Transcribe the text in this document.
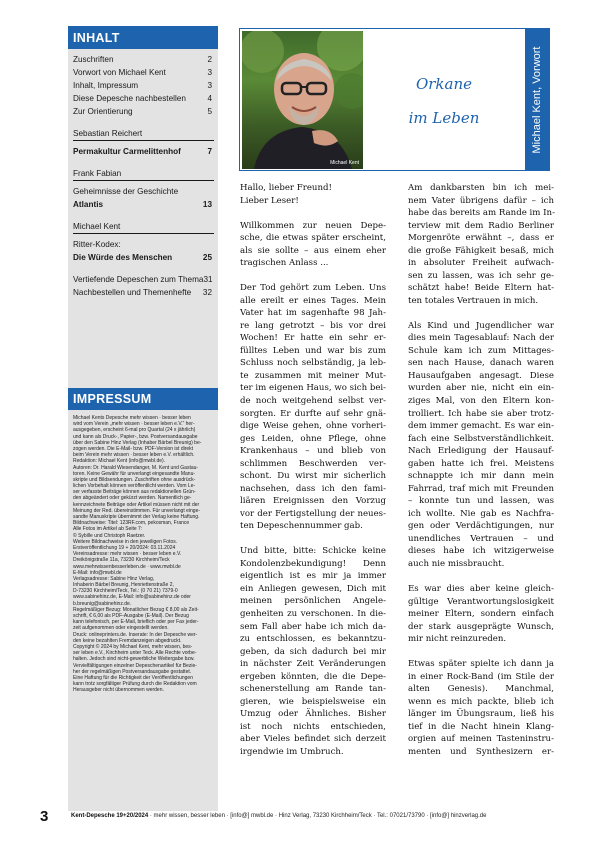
INHALT
Zuschriften	2
Vorwort von Michael Kent	3
Inhalt, Impressum	3
Diese Depesche nachbestellen	4
Zur Orientierung	5
Sebastian Reichert
Permakultur Carmelittenhof	7
Frank Fabian
Geheimnisse der Geschichte
Atlantis	13
Michael Kent
Ritter-Kodex:
Die Würde des Menschen	25
Vertiefende Depeschen zum Thema 31
Nachbestellen und Themenhefte 32
IMPRESSUM
Michael Kents Depesche mehr wissen · besser leben
wird vom Verein „mehr wissen · besser leben e.V.“ her-
ausgegeben, erscheint 6-mal pro Quartal (24 x jährlich)
und kann als Druck-, Papier-, bzw. Postversandausgabe
über den Sabine Hinz Verlag (Inhaber Bärbel Breunig) be-
zogen werden. Die E-Mail- bzw. PDF-Version ist direkt
beim Verein mehr wissen · besser leben e.V. erhältlich.
Redaktion: Michael Kent (info@mwbl.de).
Autoren: Dr. Harald Wiesendanger, M. Kent und Gastau-
toren. Keine Gewähr für unverlangt eingesandte Manu-
skripte und Bildsendungen. Zuschriften ohne ausdrück-
lichen Vorbehalt können veröffentlicht werden. Vom Le-
ser verfasste Beiträge können aus redaktionellen Grün-
den abgeändert oder gekürzt werden. Namentlich ge-
kennzeichnete Beiträge oder Artikel müssen nicht mit der
Meinung der Red. übereinstimmen. Für unverlangt einge-
sandte Manuskripte übernimmt der Verlag keine Haftung.
Bildnachweise: Titel: 123RF.com, pekosman, France
Alle Fotos im Artikel ab Seite 7:
© Sybille und Christoph Raetzer.
Weitere Bildnachweise in den jeweiligen Fotos.
Erstveröffentlichung 19 + 20/2024: 03.11.2024
Vereinsadresse: mehr wissen · besser leben e.V.
Dreikönigstraße 11a, 73230 Kirchheim/Teck
www.mehrwissenbesserleben.de · www.mwbl.de
E-Mail: info@mwbl.de
Verlagsadresse: Sabine Hinz Verlag,
Inhaberin Bärbel Breunig, Henriettenstraße 2,
D-73230 Kirchheim/Teck, Tel.: (0 70 21) 7379-0
www.sabinehinz.de, E-Mail: info@sabinehinz.de oder
b.breunig@sabinehinz.de.
Regelmäßiger Bezug: Monatlicher Bezug € 8,00 als Zeit-
schrift, € 6,00 als PDF-Ausgabe (E-Mail). Der Bezug
kann telefonisch, per E-Mail, brieflich oder per Fax jeder-
zeit aufgenommen oder eingestellt werden.
Druck: onlineprinters.de. Inserate: In der Depesche wer-
den keine bezahlten Fremdanzeigen abgedruckt.
Copyright © 2024 by Michael Kent, mehr wissen, bes-
ser leben e.V., Kirchheim unter Teck. Alle Rechte vorbe-
halten. Jedoch sind nicht-gewerbliche Weitergabe bzw.
Vervielfältigungen einzelner Depeschenartikel für Bezie-
her der regelmäßigen Postversandausgabe gestattet.
Eine Haftung für die Richtigkeit der Veröffentlichungen
kann trotz sorgfältiger Prüfung durch die Redaktion vom
Herausgeber nicht übernommen werden.
Michael Kent
Orkane
im Leben	Michael Kent, Vorwort
Hallo, lieber Freund!
Lieber Leser!
Willkommen zur neuen Depe-
sche, die etwas später erscheint,
als sie sollte – aus einem eher
tragischen Anlass ...
Der Tod gehört zum Leben. Uns
alle ereilt er eines Tages. Mein
Vater hat im sagenhafte 98 Jah-
re lang getrotzt – bis vor drei
Wochen! Er hatte ein sehr er-
fülltes Leben und war bis zum
Schluss noch selbständig, ja leb-
te zusammen mit meiner Mut-
ter im eigenen Haus, wo sich bei-
de noch weitgehend selbst ver-
sorgten. Er durfte auf sehr gnä-
dige Weise gehen, ohne vorheri-
ges Leiden, ohne Pflege, ohne
Krankenhaus – und blieb von
schlimmen Beschwerden ver-
schont. Du wirst mir sicherlich
nachsehen, dass ich den fami-
liären Ereignissen den Vorzug
vor der Fertigstellung der neues-
ten Depeschennummer gab.
Und bitte, bitte: Schicke keine
Kondolenzbekundigung! Denn
eigentlich ist es mir ja immer
ein Anliegen gewesen, Dich mit
meinen persönlichen Angele-
genheiten zu verschonen. In die-
sem Fall aber habe ich mich da-
zu entschlossen, es bekanntzu-
geben, da sich dadurch bei mir
in nächster Zeit Veränderungen
ergeben könnten, die die Depe-
schenerstellung am Rande tan-
gieren, wie beispielsweise ein
Umzug oder Ähnliches. Bisher
ist noch nichts entschieden,
aber Vieles befindet sich derzeit
irgendwie im Umbruch.
Am dankbarsten bin ich mei-
nem Vater übrigens dafür – ich
habe das bereits am Rande im In-
terview mit dem Radio Berliner
Morgenröte erwähnt –, dass er
die große Fähigkeit besaß, mich
in absoluter Freiheit aufwach-
sen zu lassen, was ich sehr ge-
schätzt habe! Beide Eltern hat-
ten totales Vertrauen in mich.
Als Kind und Jugendlicher war
dies mein Tagesablauf: Nach der
Schule kam ich zum Mittages-
sen nach Hause, danach waren
Hausaufgaben angesagt. Diese
wurden aber nie, nicht ein ein-
ziges Mal, von den Eltern kon-
trolliert. Ich habe sie aber trotz-
dem immer gemacht. Es war ein-
fach eine Selbstverständlichkeit.
Nach Erledigung der Hausauf-
gaben hatte ich frei. Meistens
schnappte ich mir dann mein
Fahrrad, traf mich mit Freunden
– konnte tun und lassen, was
ich wollte. Nie gab es Nachfra-
gen oder Verdächtigungen, nur
unendliches Vertrauen – und
dieses habe ich witzigerweise
auch nie missbraucht.
Es war dies aber keine gleich-
gültige Verantwortungslosigkeit
meiner Eltern, sondern einfach
der stark ausgeprägte Wunsch,
mir nicht reinzureden.
Etwas später spielte ich dann ja
in einer Rock-Band (im Stile der
alten Genesis). Manchmal,
wenn es mich packte, blieb ich
länger im Übungsraum, ließ his
tief in die Nacht hinein Klang-
orgien auf meinen Tasteninstru-
menten und Synthesizern er-
3	Kent-Depesche 19+20/2024 · mehr wissen, besser leben · [info@] mwbl.de · Hinz Verlag, 73230 Kirchheim/Teck · Tel.: 07021/73790 · [info@] hinzverlag.de
